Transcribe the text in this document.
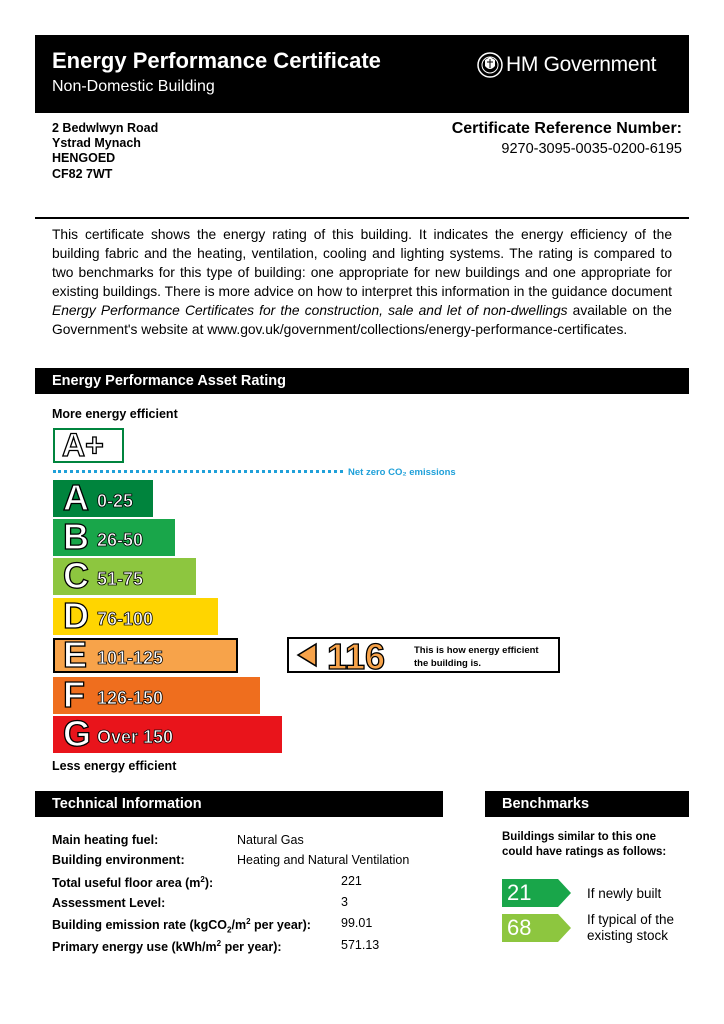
Energy Performance Certificate
Non-Domestic Building
HM Government
2 Bedwlwyn Road
Ystrad Mynach
HENGOED
CF82 7WT
Certificate Reference Number:
9270-3095-0035-0200-6195
This certificate shows the energy rating of this building. It indicates the energy efficiency of the building fabric and the heating, ventilation, cooling and lighting systems. The rating is compared to two benchmarks for this type of building: one appropriate for new buildings and one appropriate for existing buildings. There is more advice on how to interpret this information in the guidance document Energy Performance Certificates for the construction, sale and let of non-dwellings available on the Government's website at www.gov.uk/government/collections/energy-performance-certificates.
Energy Performance Asset Rating
More energy efficient
A+
Net zero CO₂ emissions
A 0-25
B 26-50
C 51-75
D 76-100
E 101-125
F 126-150
G Over 150
116	This is how energy efficient the building is.
Less energy efficient
Technical Information
Main heating fuel:	Natural Gas
Building environment:	Heating and Natural Ventilation
Total useful floor area $(m^2)$:	221
Assessment Level:	3
Building emission rate ($kgCO_2/m^2$ per year): 99.01
Primary energy use ($kWh/m^2$ per year):	571.13
Benchmarks
Buildings similar to this one could have ratings as follows:
21	If newly built
68	If typical of the
existing stock
